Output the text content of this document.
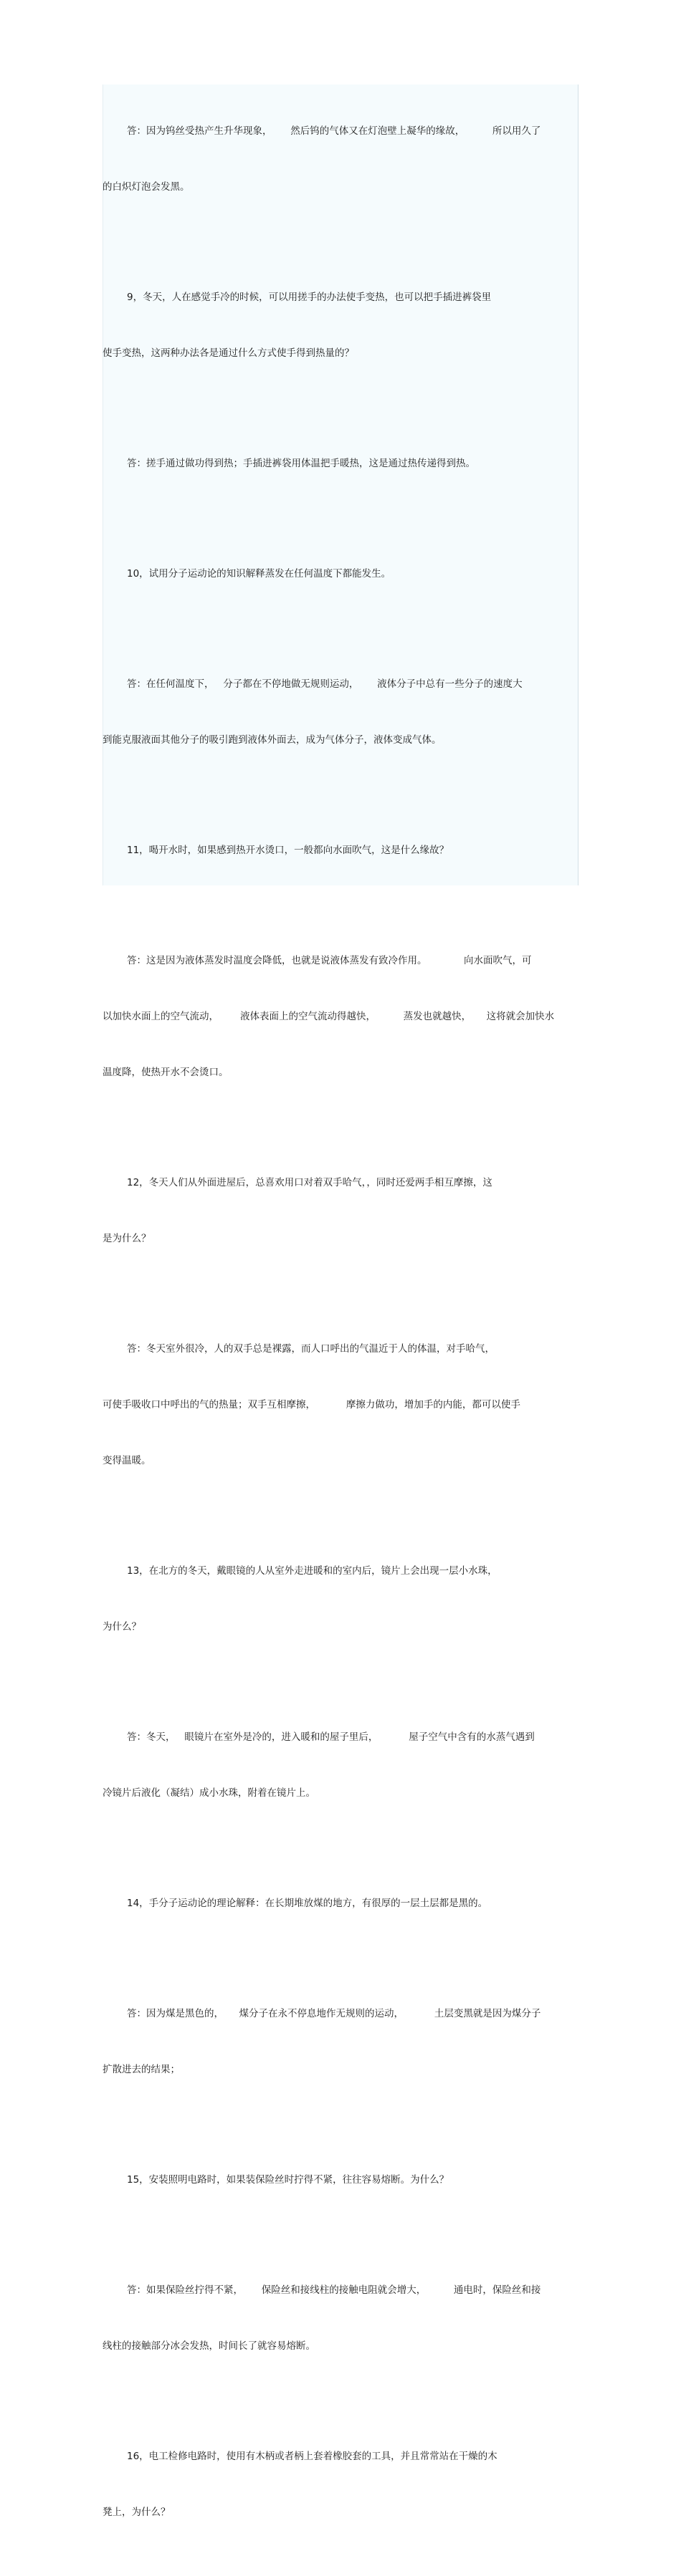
答：因为钨丝受热产生升华现象，      然后钨的气体又在灯泡壁上凝华的缘故，         所以用久了

的白炽灯泡会发黑。

9，冬天，人在感觉手冷的时候，可以用搓手的办法使手变热，也可以把手插进裤袋里

使手变热，这两种办法各是通过什么方式使手得到热量的？

答：搓手通过做功得到热；手插进裤袋用体温把手暖热，这是通过热传递得到热。

10，试用分子运动论的知识解释蒸发在任何温度下都能发生。

答：在任何温度下，   分子都在不停地做无规则运动，      液体分子中总有一些分子的速度大

到能克服液面其他分子的吸引跑到液体外面去，成为气体分子，液体变成气体。

11，喝开水时，如果感到热开水烫口，一般都向水面吹气，这是什么缘故？

答：这是因为液体蒸发时温度会降低，也就是说液体蒸发有致冷作用。            向水面吹气，可

以加快水面上的空气流动，       液体表面上的空气流动得越快，         蒸发也就越快，     这将就会加快水

温度降，使热开水不会烫口。

12，冬天人们从外面进屋后，总喜欢用口对着双手哈气，，同时还爱两手相互摩擦，这

是为什么？

答：冬天室外很冷，人的双手总是裸露，而人口呼出的气温近于人的体温，对手哈气，

可使手吸收口中呼出的气的热量；双手互相摩擦，          摩擦力做功，增加手的内能，都可以使手

变得温暖。

13，在北方的冬天，戴眼镜的人从室外走进暖和的室内后，镜片上会出现一层小水珠，

为什么？

答：冬天，   眼镜片在室外是冷的，进入暖和的屋子里后，          屋子空气中含有的水蒸气遇到

冷镜片后液化（凝结）成小水珠，附着在镜片上。

14，手分子运动论的理论解释：在长期堆放煤的地方，有很厚的一层土层都是黑的。

答：因为煤是黑色的，     煤分子在永不停息地作无规则的运动，          土层变黑就是因为煤分子

扩散进去的结果；

15，安装照明电路时，如果装保险丝时拧得不紧，往往容易熔断。为什么？

答：如果保险丝拧得不紧，      保险丝和接线柱的接触电阻就会增大，         通电时，保险丝和接

线柱的接触部分冰会发热，时间长了就容易熔断。

16，电工检修电路时，使用有木柄或者柄上套着橡胶套的工具，并且常常站在干燥的木

凳上，为什么？
